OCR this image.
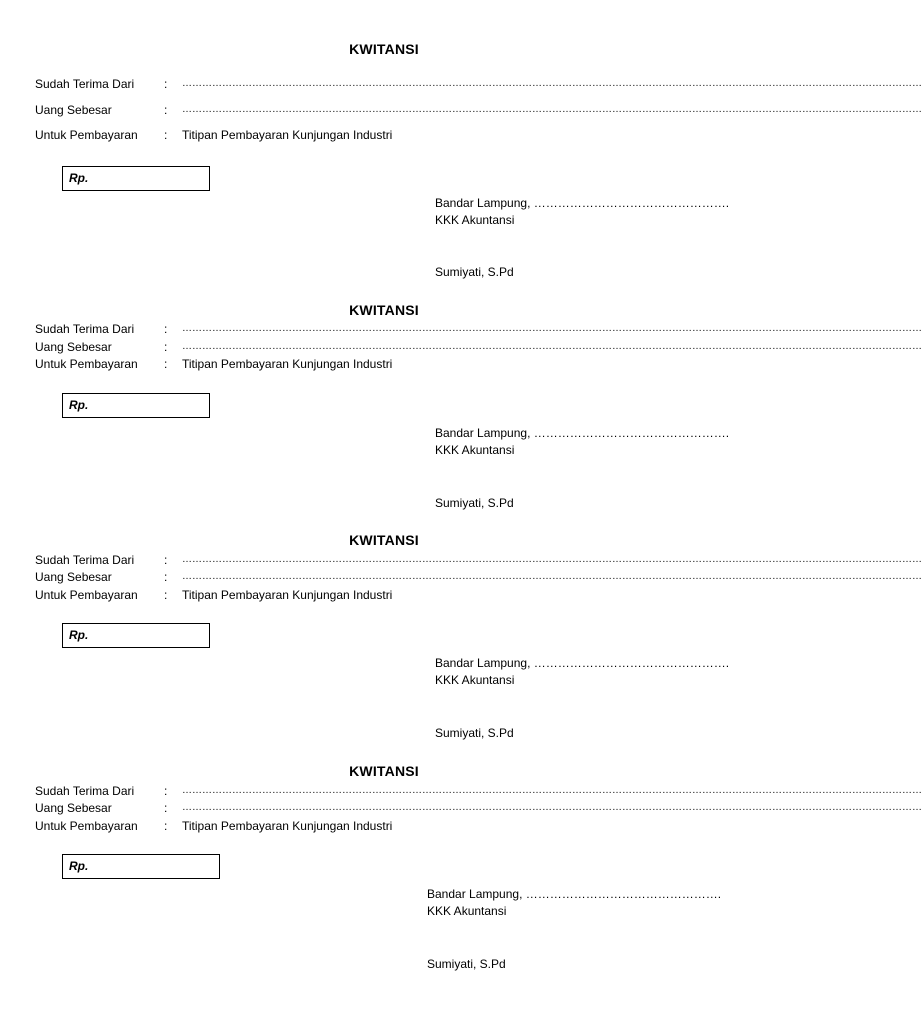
KWITANSI
Sudah Terima Dari	:	……………………………………………………………………………………………………………………………………………………………………………………………………
Uang Sebesar	:	……………………………………………………………………………………………………………………………………………………………………………………………………
Untuk Pembayaran	:	Titipan Pembayaran Kunjungan Industri
Rp.
Bandar Lampung, ………………………………………….
KKK Akuntansi
Sumiyati, S.Pd
KWITANSI
Sudah Terima Dari	:	……………………………………………………………………………………………………………………………………………………………………………………………………
Uang Sebesar	:	……………………………………………………………………………………………………………………………………………………………………………………………………
Untuk Pembayaran	:	Titipan Pembayaran Kunjungan Industri
Rp.
Bandar Lampung, ………………………………………….
KKK Akuntansi
Sumiyati, S.Pd
KWITANSI
Sudah Terima Dari	:	……………………………………………………………………………………………………………………………………………………………………………………………………
Uang Sebesar	:	……………………………………………………………………………………………………………………………………………………………………………………………………
Untuk Pembayaran	:	Titipan Pembayaran Kunjungan Industri
Rp.
Bandar Lampung, ………………………………………….
KKK Akuntansi
Sumiyati, S.Pd
KWITANSI
Sudah Terima Dari	:	……………………………………………………………………………………………………………………………………………………………………………………………………
Uang Sebesar	:	……………………………………………………………………………………………………………………………………………………………………………………………………
Untuk Pembayaran	:	Titipan Pembayaran Kunjungan Industri
Rp.
Bandar Lampung, ………………………………………….
KKK Akuntansi
Sumiyati, S.Pd
